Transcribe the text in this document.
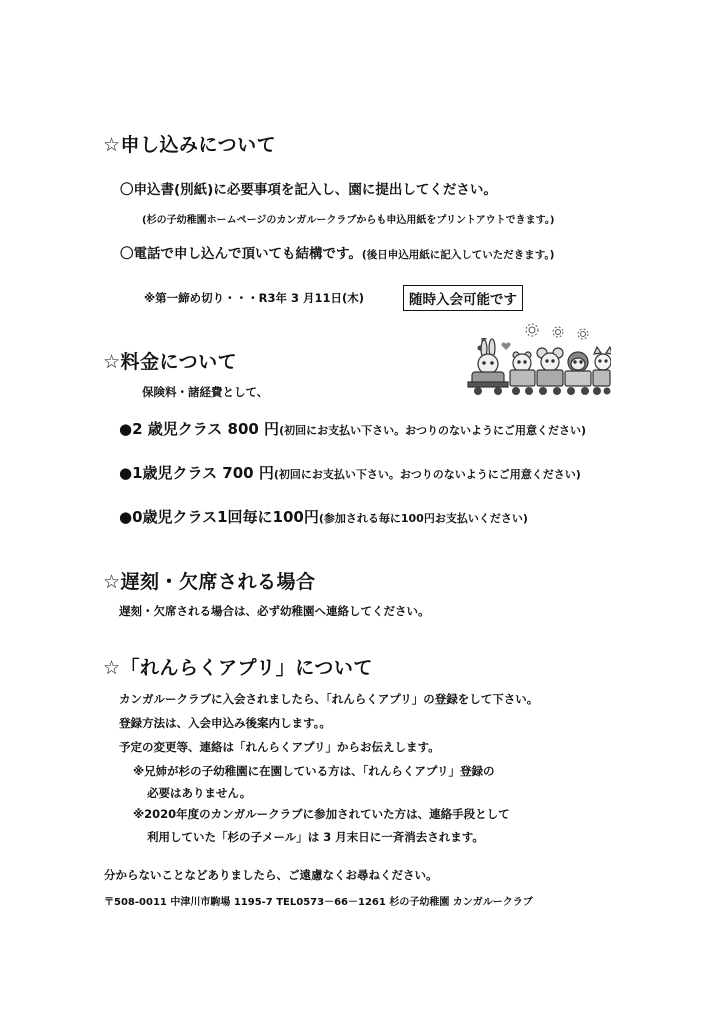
☆申し込みについて
〇申込書(別紙)に必要事項を記入し、園に提出してください。
(杉の子幼稚園ホームページのカンガルークラブからも申込用紙をプリントアウトできます。)
〇電話で申し込んで頂いても結構です。(後日申込用紙に記入していただきます。)
※第一締め切り・・・R3年 3 月11日(木)	随時入会可能です
☆料金について
保険料・諸経費として、
●2 歳児クラス 800 円(初回にお支払い下さい。おつりのないようにご用意ください)
●1歳児クラス 700 円(初回にお支払い下さい。おつりのないようにご用意ください)
●0歳児クラス1回毎に100円(参加される毎に100円お支払いください)
☆遅刻・欠席される場合
遅刻・欠席される場合は、必ず幼稚園へ連絡してください。
☆「れんらくアプリ」について
カンガルークラブに入会されましたら、「れんらくアプリ」の登録をして下さい。
登録方法は、入会申込み後案内します。。
予定の変更等、連絡は「れんらくアプリ」からお伝えします。
※兄姉が杉の子幼稚園に在園している方は、「れんらくアプリ」登録の
必要はありません。
※2020年度のカンガルークラブに参加されていた方は、連絡手段として
利用していた「杉の子メール」は 3 月末日に一斉消去されます。
分からないことなどありましたら、ご遠慮なくお尋ねください。
〒508-0011 中津川市駒場 1195-7 TEL0573－66－1261 杉の子幼稚園 カンガルークラブ
